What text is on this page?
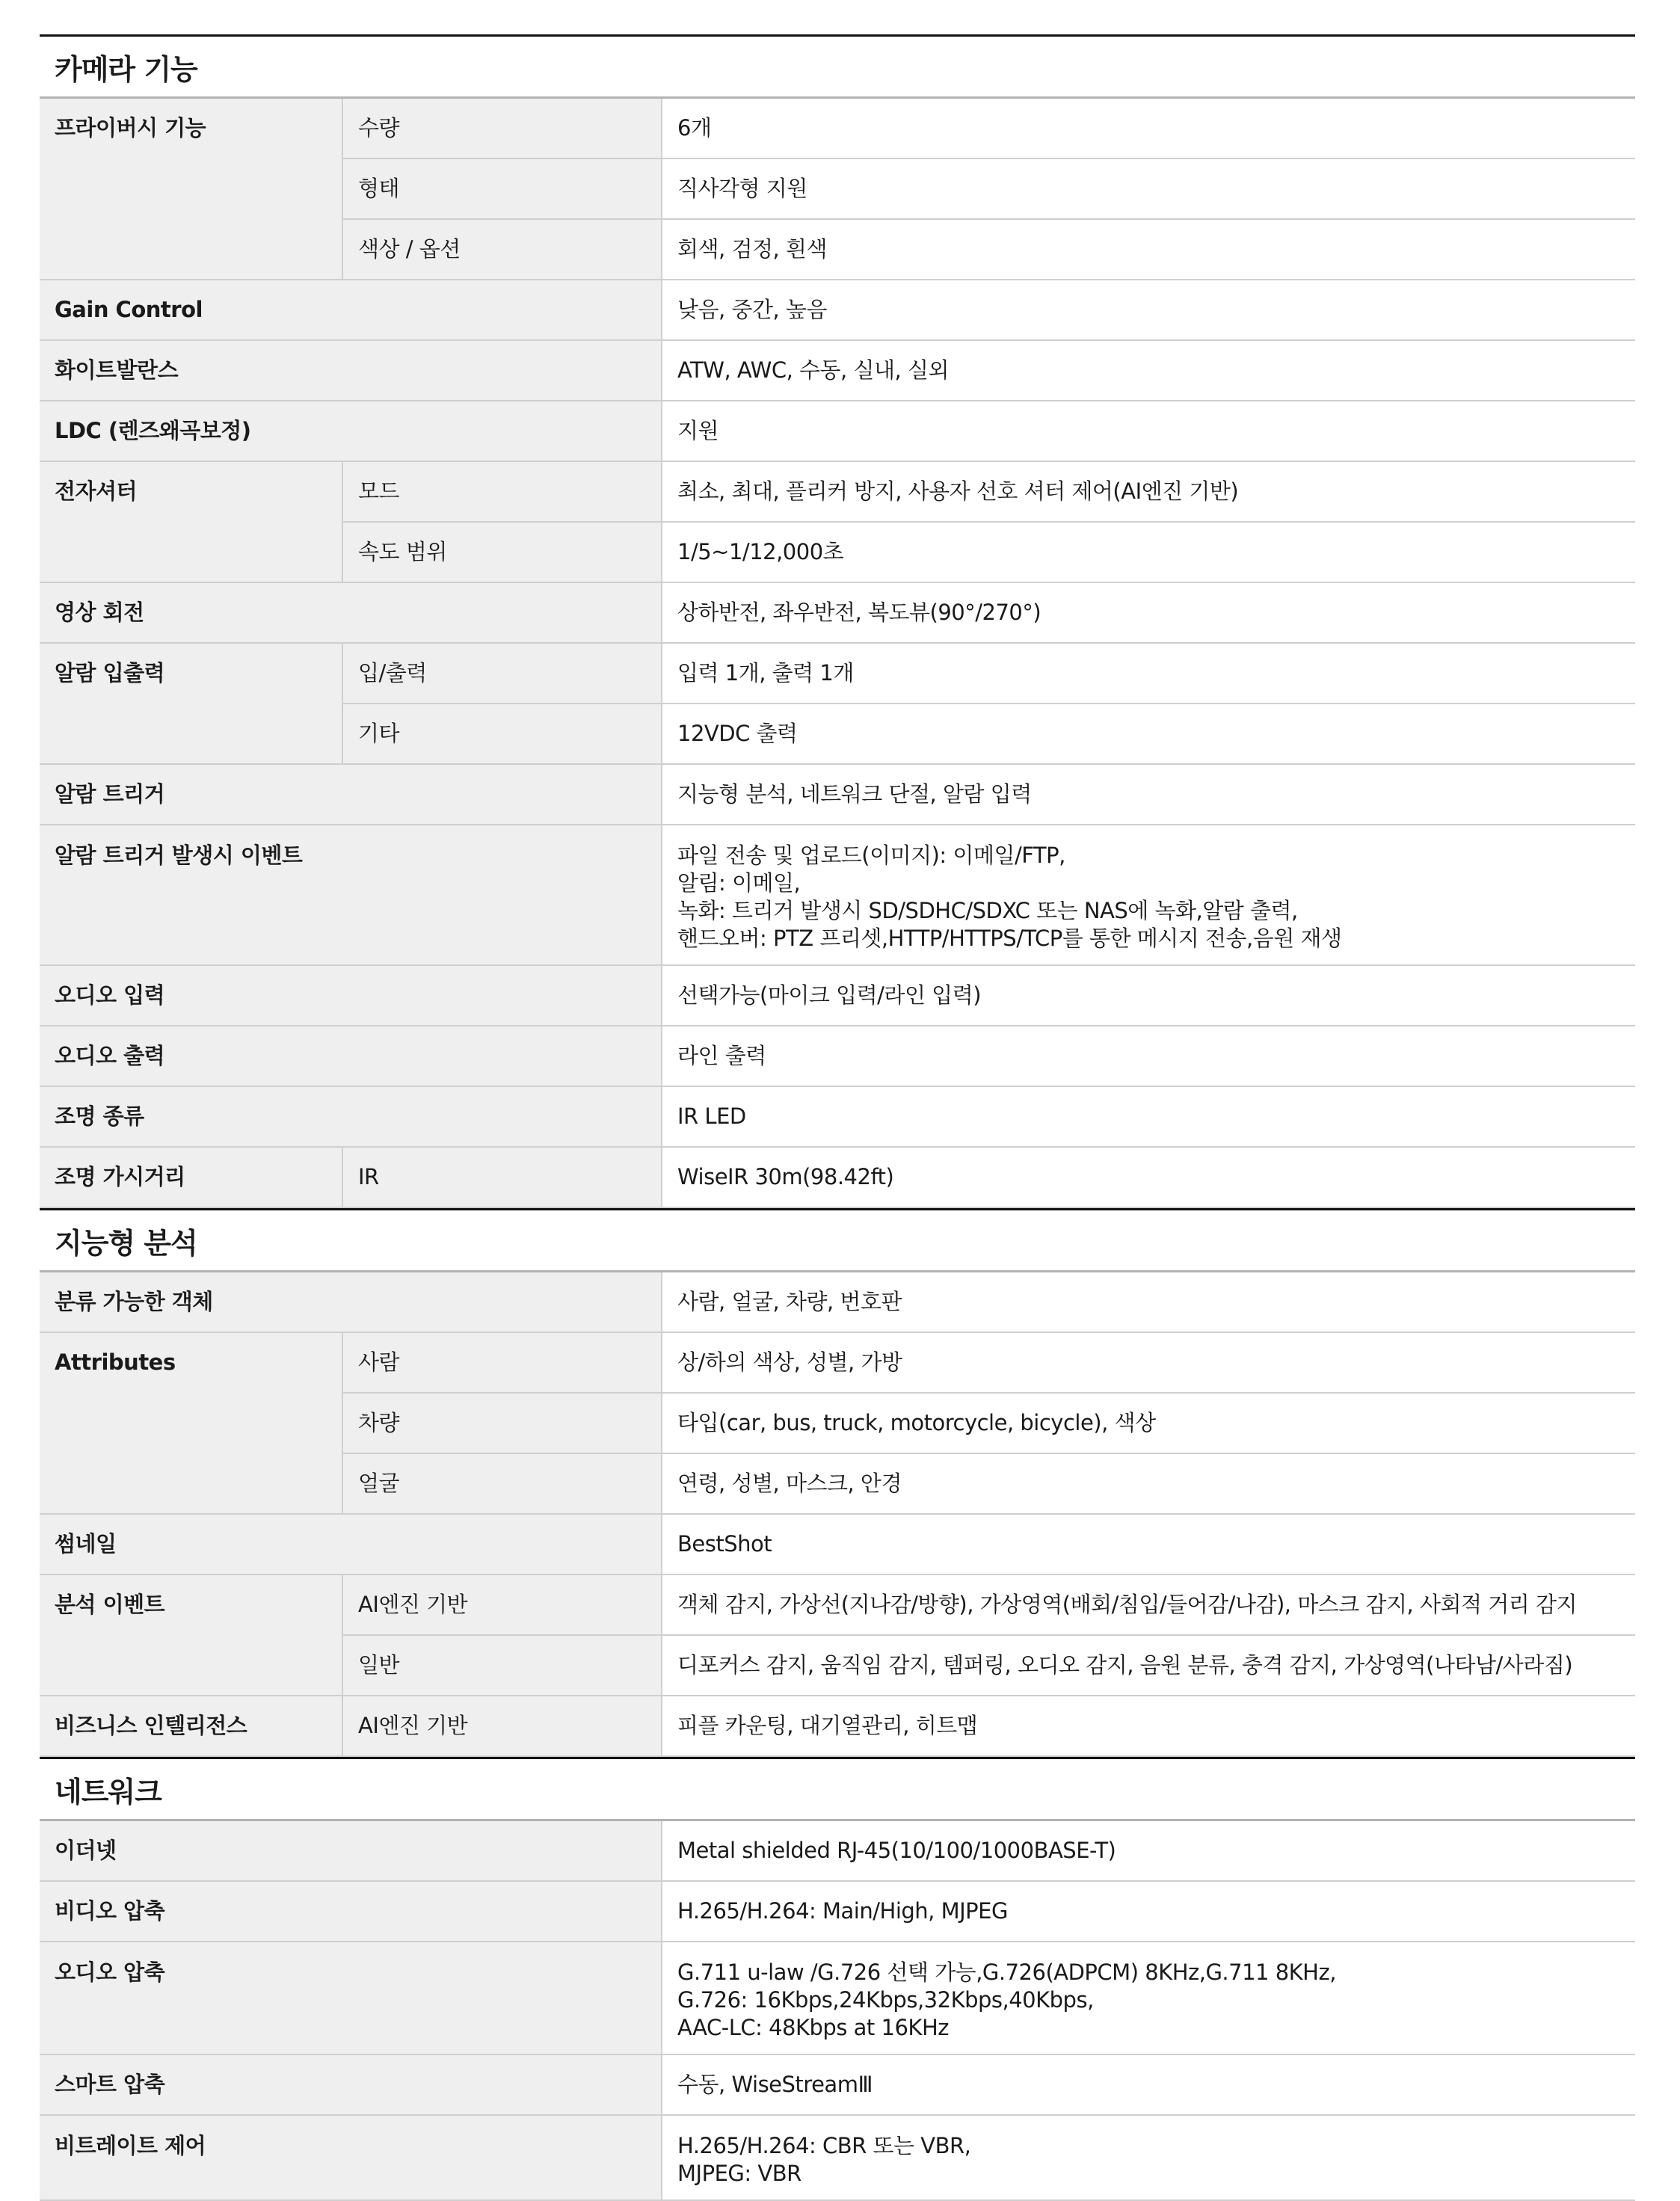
카메라 기능
프라이버시 기능	수량	6개

	형태	직사각형 지원

	색상 / 옵션	회색, 검정, 흰색

Gain Control		낮음, 중간, 높음

화이트발란스		ATW, AWC, 수동, 실내, 실외

LDC (렌즈왜곡보정)		지원

전자셔터	모드	최소, 최대, 플리커 방지, 사용자 선호 셔터 제어(AI엔진 기반)

	속도 범위	1/5~1/12,000초

영상 회전		상하반전, 좌우반전, 복도뷰(90°/270°)

알람 입출력	입/출력	입력 1개, 출력 1개

	기타	12VDC 출력

알람 트리거		지능형 분석, 네트워크 단절, 알람 입력

알람 트리거 발생시 이벤트		파일 전송 및 업로드(이미지): 이메일/FTP,
알림: 이메일,
녹화: 트리거 발생시 SD/SDHC/SDXC 또는 NAS에 녹화,알람 출력,
핸드오버: PTZ 프리셋,HTTP/HTTPS/TCP를 통한 메시지 전송,음원 재생

오디오 입력		선택가능(마이크 입력/라인 입력)

오디오 출력		라인 출력

조명 종류		IR LED

조명 가시거리	IR	WiseIR 30m(98.42ft)
지능형 분석
분류 가능한 객체		사람, 얼굴, 차량, 번호판

Attributes	사람	상/하의 색상, 성별, 가방

	차량	타입(car, bus, truck, motorcycle, bicycle), 색상

	얼굴	연령, 성별, 마스크, 안경

썸네일		BestShot

분석 이벤트	AI엔진 기반	객체 감지, 가상선(지나감/방향), 가상영역(배회/침입/들어감/나감), 마스크 감지, 사회적 거리 감지

	일반	디포커스 감지, 움직임 감지, 템퍼링, 오디오 감지, 음원 분류, 충격 감지, 가상영역(나타남/사라짐)

비즈니스 인텔리전스	AI엔진 기반	피플 카운팅, 대기열관리, 히트맵
네트워크
이더넷	Metal shielded RJ-45(10/100/1000BASE-T)

비디오 압축	H.265/H.264: Main/High, MJPEG

오디오 압축	G.711 u-law /G.726 선택 가능,G.726(ADPCM) 8KHz,G.711 8KHz,
G.726: 16Kbps,24Kbps,32Kbps,40Kbps,
AAC-LC: 48Kbps at 16KHz

스마트 압축	수동, WiseStreamⅢ

비트레이트 제어	H.265/H.264: CBR 또는 VBR,
MJPEG: VBR
